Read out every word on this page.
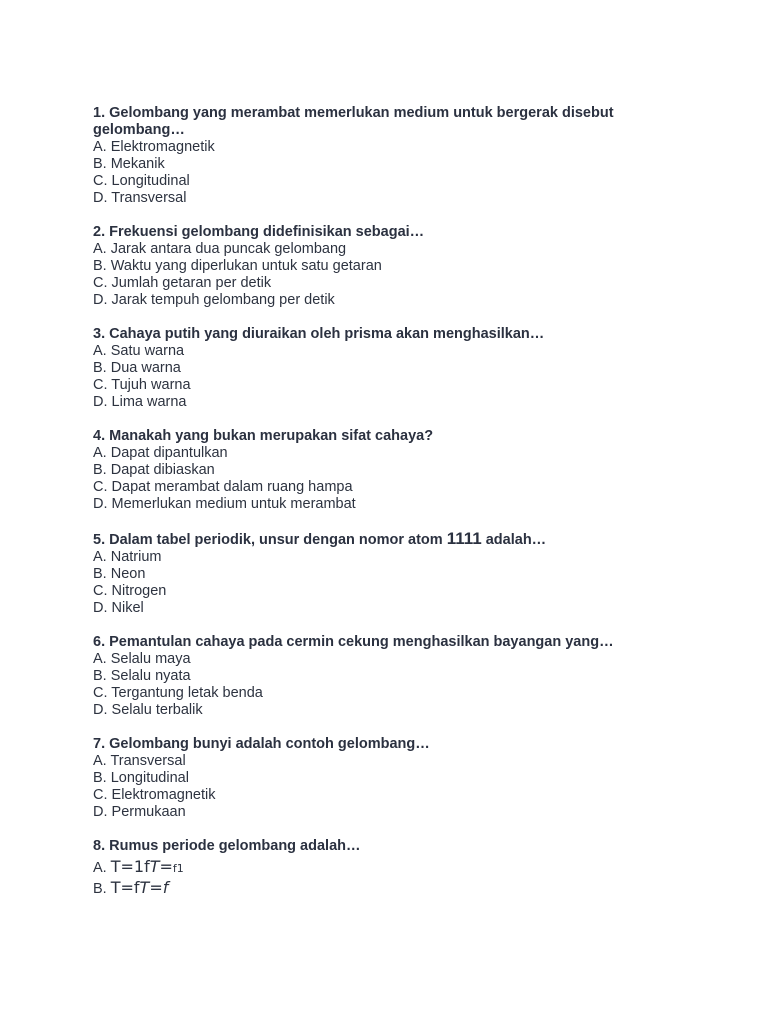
1. Gelombang yang merambat memerlukan medium untuk bergerak disebut gelombang…
A. Elektromagnetik
B. Mekanik
C. Longitudinal
D. Transversal
2. Frekuensi gelombang didefinisikan sebagai…
A. Jarak antara dua puncak gelombang
B. Waktu yang diperlukan untuk satu getaran
C. Jumlah getaran per detik
D. Jarak tempuh gelombang per detik
3. Cahaya putih yang diuraikan oleh prisma akan menghasilkan…
A. Satu warna
B. Dua warna
C. Tujuh warna
D. Lima warna
4. Manakah yang bukan merupakan sifat cahaya?
A. Dapat dipantulkan
B. Dapat dibiaskan
C. Dapat merambat dalam ruang hampa
D. Memerlukan medium untuk merambat
5. Dalam tabel periodik, unsur dengan nomor atom 1111 adalah…
A. Natrium
B. Neon
C. Nitrogen
D. Nikel
6. Pemantulan cahaya pada cermin cekung menghasilkan bayangan yang…
A. Selalu maya
B. Selalu nyata
C. Tergantung letak benda
D. Selalu terbalik
7. Gelombang bunyi adalah contoh gelombang…
A. Transversal
B. Longitudinal
C. Elektromagnetik
D. Permukaan
8. Rumus periode gelombang adalah…
A. T=1fT=f1
B. T=fT=f
